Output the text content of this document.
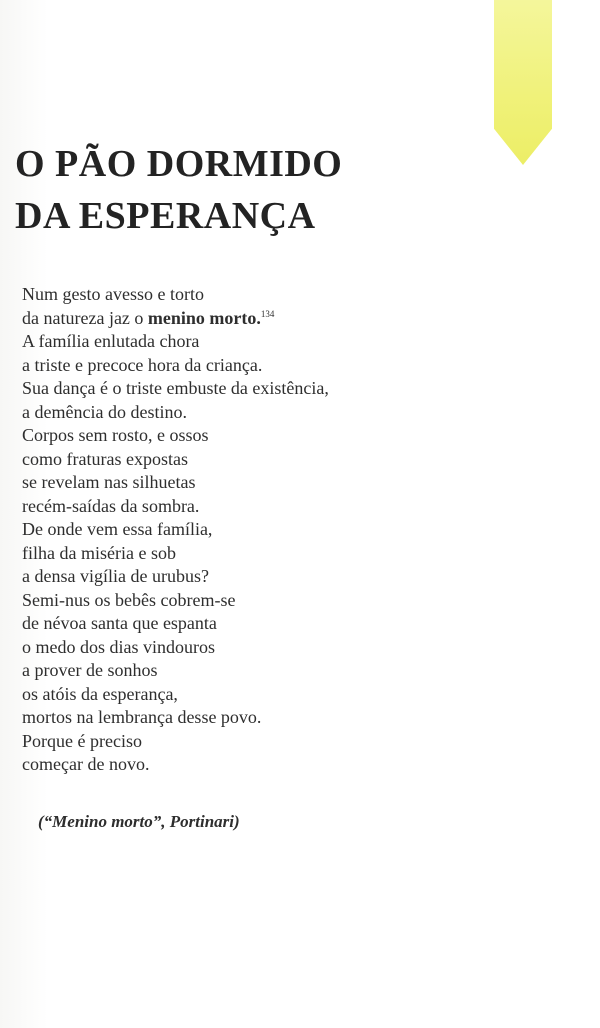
O PÃO DORMIDO
DA ESPERANÇA
Num gesto avesso e torto
da natureza jaz o menino morto.$^{134}$
A família enlutada chora
a triste e precoce hora da criança.
Sua dança é o triste embuste da existência,
a demência do destino.
Corpos sem rosto, e ossos
como fraturas expostas
se revelam nas silhuetas
recém-saídas da sombra.
De onde vem essa família,
filha da miséria e sob
a densa vigília de urubus?
Semi-nus os bebês cobrem-se
de névoa santa que espanta
o medo dos dias vindouros
a prover de sonhos
os atóis da esperança,
mortos na lembrança desse povo.
Porque é preciso
começar de novo.
(“Menino morto”, Portinari)
